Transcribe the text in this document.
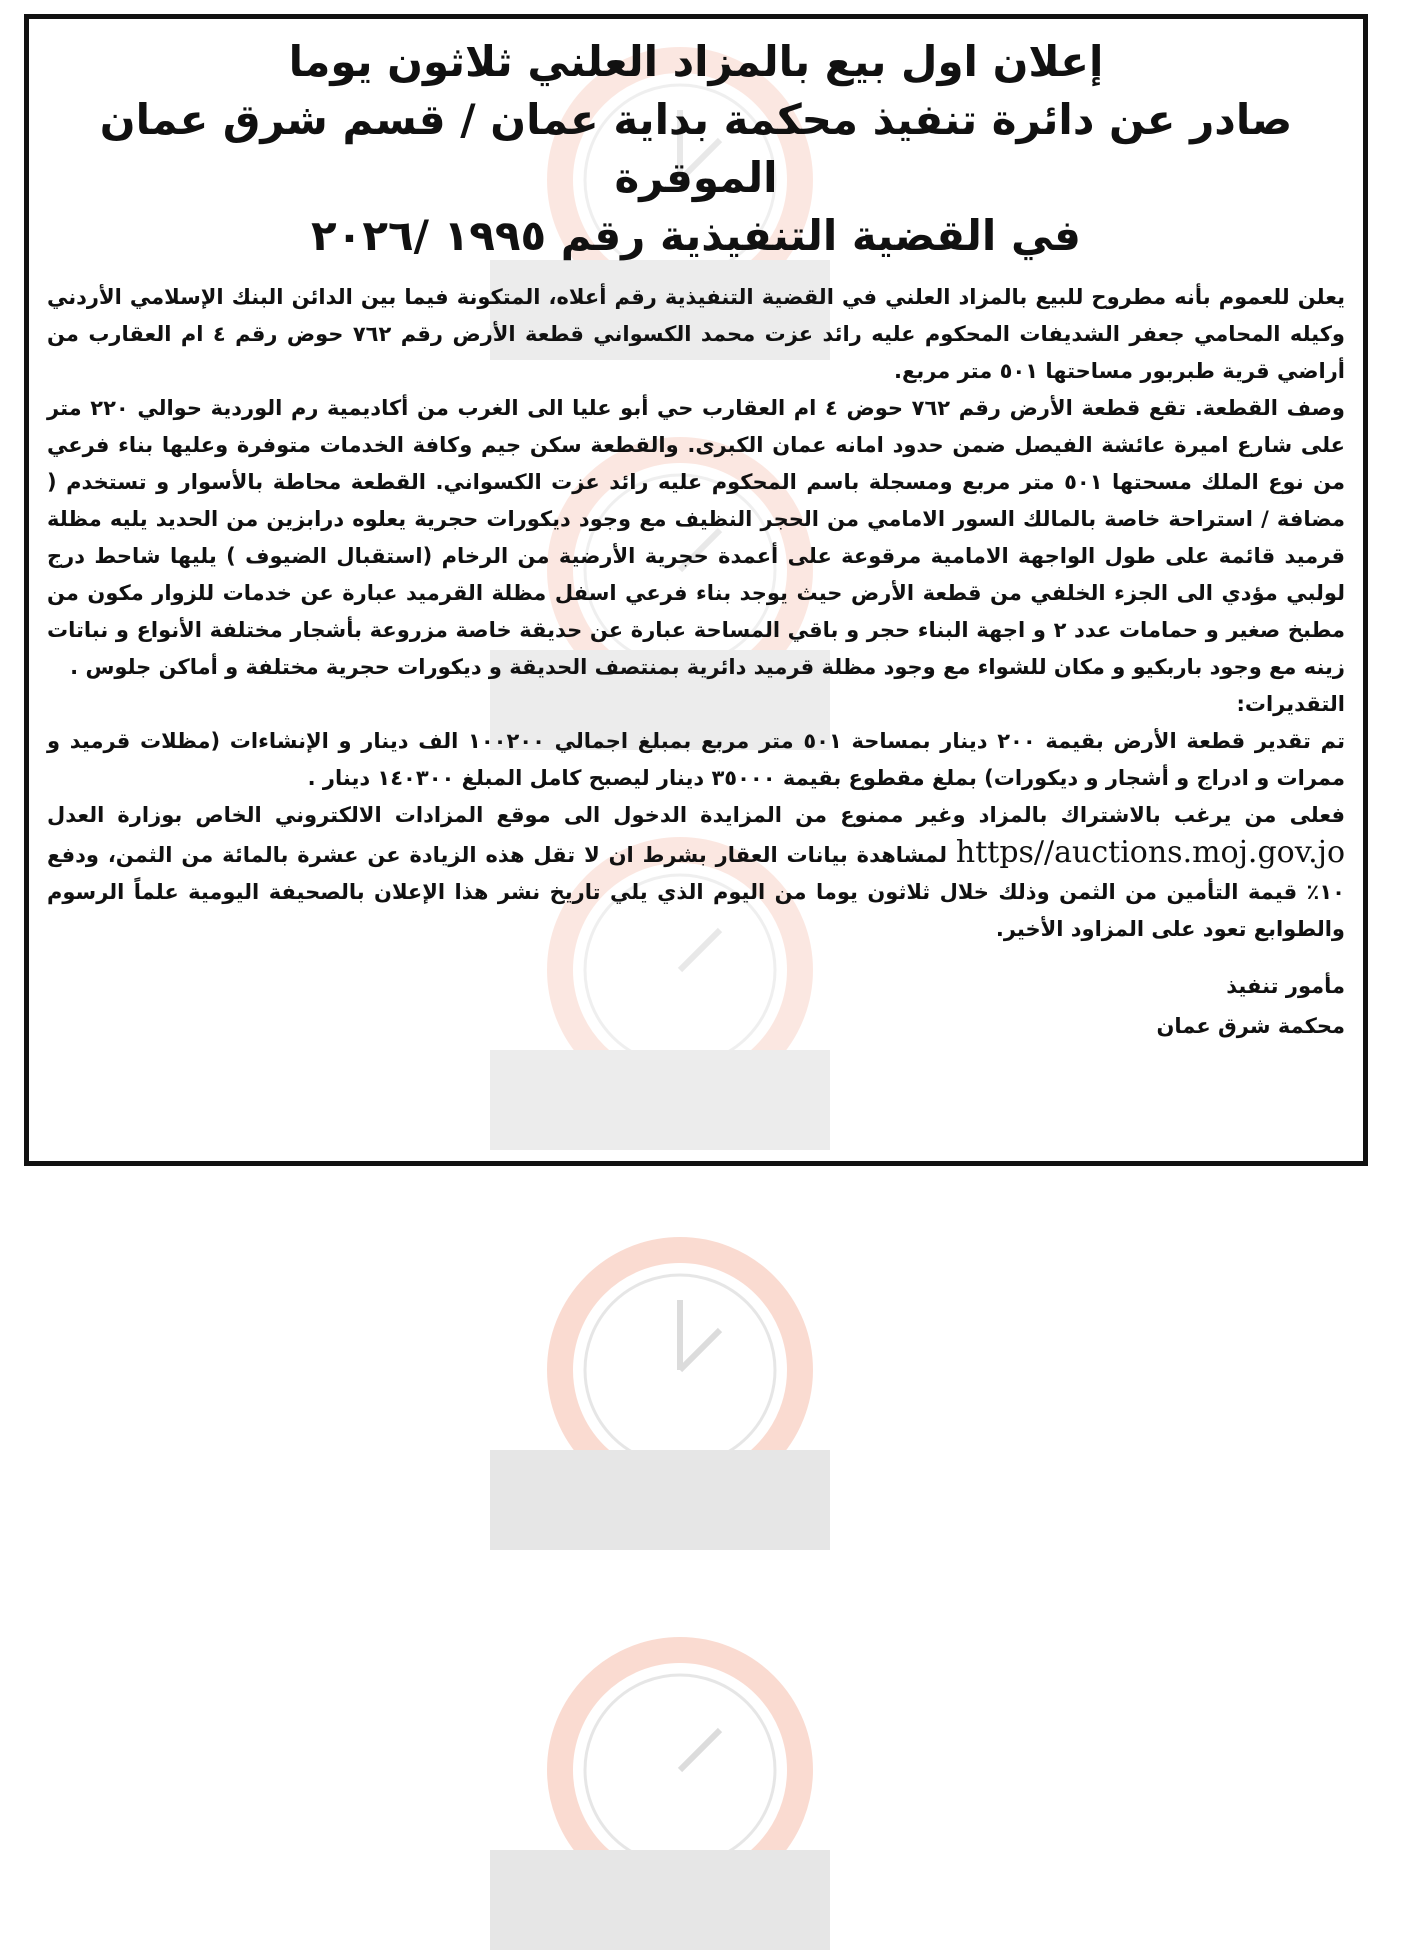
إعلان اول بيع بالمزاد العلني ثلاثون يوما
صادر عن دائرة تنفيذ محكمة بداية عمان / قسم شرق عمان الموقرة
في القضية التنفيذية رقم ١٩٩٥ /٢٠٢٦

يعلن للعموم بأنه مطروح للبيع بالمزاد العلني في القضية التنفيذية رقم أعلاه، المتكونة فيما بين الدائن البنك الإسلامي الأردني وكيله المحامي جعفر الشديفات المحكوم عليه رائد عزت محمد الكسواني قطعة الأرض رقم ٧٦٢ حوض رقم ٤ ام العقارب من أراضي قرية طبربور مساحتها ٥٠١ متر مربع.

وصف القطعة. تقع قطعة الأرض رقم ٧٦٢ حوض ٤ ام العقارب حي أبو عليا الى الغرب من أكاديمية رم الوردية حوالي ٢٢٠ متر على شارع اميرة عائشة الفيصل ضمن حدود امانه عمان الكبرى. والقطعة سكن جيم وكافة الخدمات متوفرة وعليها بناء فرعي من نوع الملك مسحتها ٥٠١ متر مربع ومسجلة باسم المحكوم عليه رائد عزت الكسواني. القطعة محاطة بالأسوار و تستخدم ( مضافة / استراحة خاصة بالمالك السور الامامي من الحجر النظيف مع وجود ديكورات حجرية يعلوه درابزين من الحديد يليه مظلة قرميد قائمة على طول الواجهة الامامية مرقوعة على أعمدة حجرية الأرضية من الرخام (استقبال الضيوف ) يليها شاحط درج لولبي مؤدي الى الجزء الخلفي من قطعة الأرض حيث يوجد بناء فرعي اسفل مظلة القرميد عبارة عن خدمات للزوار مكون من مطبخ صغير و حمامات عدد ٢ و اجهة البناء حجر و باقي المساحة عبارة عن حديقة خاصة مزروعة بأشجار مختلفة الأنواع و نباتات زينه مع وجود باربكيو و مكان للشواء مع وجود مظلة قرميد دائرية بمنتصف الحديقة و ديكورات حجرية مختلفة و أماكن جلوس .

التقديرات:

تم تقدير قطعة الأرض بقيمة ٢٠٠ دينار بمساحة ٥٠١ متر مربع بمبلغ اجمالي ١٠٠٢٠٠ الف دينار و الإنشاءات (مظلات قرميد و ممرات و ادراج و أشجار و ديكورات) بملغ مقطوع بقيمة ٣٥٠٠٠ دينار ليصبح كامل المبلغ ١٤٠٣٠٠ دينار .

فعلى من يرغب بالاشتراك بالمزاد وغير ممنوع من المزايدة الدخول الى موقع المزادات الالكتروني الخاص بوزارة العدل https//auctions.moj.gov.jo لمشاهدة بيانات العقار بشرط ان لا تقل هذه الزيادة عن عشرة بالمائة من الثمن، ودفع ١٠٪ قيمة التأمين من الثمن وذلك خلال ثلاثون يوما من اليوم الذي يلي تاريخ نشر هذا الإعلان بالصحيفة اليومية علماً الرسوم والطوابع تعود على المزاود الأخير.

مأمور تنفيذ

محكمة شرق عمان
